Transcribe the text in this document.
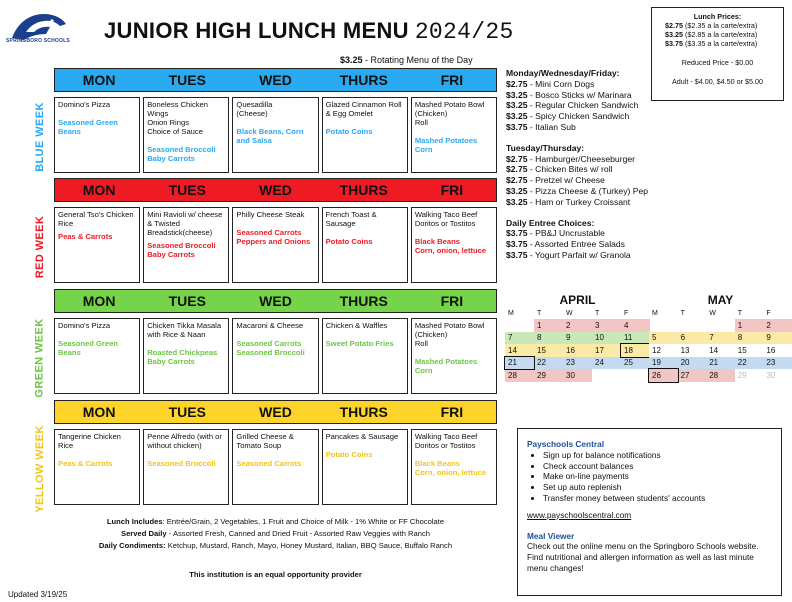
SPRINGBORO SCHOOLS JUNIOR HIGH LUNCH MENU 2024/25
$3.25 - Rotating Menu of the Day
BLUE WEEK
MON	TUES	WED	THURS	FRI
Domino's Pizza
Seasoned Green Beans
Boneless Chicken Wings
Onion Rings
Choice of Sauce
Seasoned Broccoli
Baby Carrots
Quesadilla
(Cheese)
Black Beans, Corn and Salsa
Glazed Cinnamon Roll & Egg Omelet
Potato Coins
Mashed Potato Bowl (Chicken)
Roll
Mashed Potatoes
Corn
RED WEEK
MON	TUES	WED	THURS	FRI
General Tso's Chicken
Rice
Peas & Carrots
Mini Ravioli w/ cheese & Twisted Breadstick(cheese)
Seasoned Broccoli
Baby Carrots
Philly Cheese Steak
Seasoned Carrots
Peppers and Onions
French Toast & Sausage
Potato Coins
Walking Taco Beef
Doritos or Tostitos
Black Beans
Corn, onion, lettuce
GREEN WEEK
MON	TUES	WED	THURS	FRI
Domino's Pizza
Seasoned Green Beans
Chicken Tikka Masala with Rice & Naan
Roasted Chickpeas
Baby Carrots
Macaroni & Cheese
Seasoned Carrots
Seasoned Broccoli
Chicken & Waffles
Sweet Potato Fries
Mashed Potato Bowl (Chicken)
Roll
Mashed Potatoes
Corn
YELLOW WEEK
MON	TUES	WED	THURS	FRI
Tangerine Chicken Rice
Peas & Carrots
Penne Alfredo (with or without chicken)
Seasoned Broccoli
Grilled Cheese & Tomato Soup
Seasoned Carrots
Pancakes & Sausage
Potato Coins
Walking Taco Beef
Doritos or Tostitos
Black Beans
Corn, onion, lettuce
Lunch Includes: Entrée/Grain, 2 Vegetables, 1 Fruit and Choice of Milk - 1% White or FF Chocolate
Served Daily - Assorted Fresh, Canned and Dried Fruit - Assorted Raw Veggies with Ranch
Daily Condiments: Ketchup, Mustard, Ranch, Mayo, Honey Mustard, Italian, BBQ Sauce, Buffalo Ranch
This institution is an equal opportunity provider
Updated 3/19/25
Lunch Prices:
$2.75 ($2.35 a la carte/extra)
$3.25 ($2.85 a la carte/extra)
$3.75 ($3.35 a la carte/extra)
Reduced Price - $0.00
Adult - $4.00, $4.50 or $5.00
Monday/Wednesday/Friday:
$2.75 - Mini Corn Dogs
$3.25 - Bosco Sticks w/ Marinara
$3.25 - Regular Chicken Sandwich
$3.25 - Spicy Chicken Sandwich
$3.75 - Italian Sub
Tuesday/Thursday:
$2.75 - Hamburger/Cheeseburger
$2.75 - Chicken Bites w/ roll
$2.75 - Pretzel w/ Cheese
$3.25 - Pizza Cheese & (Turkey) Pep
$3.25 - Ham or Turkey Croissant
Daily Entree Choices:
$3.75 - PB&J Uncrustable
$3.75 - Assorted Entree Salads
$3.75 - Yogurt Parfait w/ Granola
APRIL
M	T	W	T	F
	1	2	3	4
7	8	9	10	11
14	15	16	17	18
21	22	23	24	25
28	29	30		
MAY
M	T	W	T	F
			1	2
5	6	7	8	9
12	13	14	15	16
19	20	21	22	23
26	27	28	29	30
Payschools Central
• Sign up for balance notifications
• Check account balances
• Make on-line payments
• Set up auto replenish
• Transfer money between students' accounts
www.payschoolscentral.com
Meal Viewer
Check out the online menu on the Springboro Schools website. Find nutritional and allergen information as well as last minute menu changes!
